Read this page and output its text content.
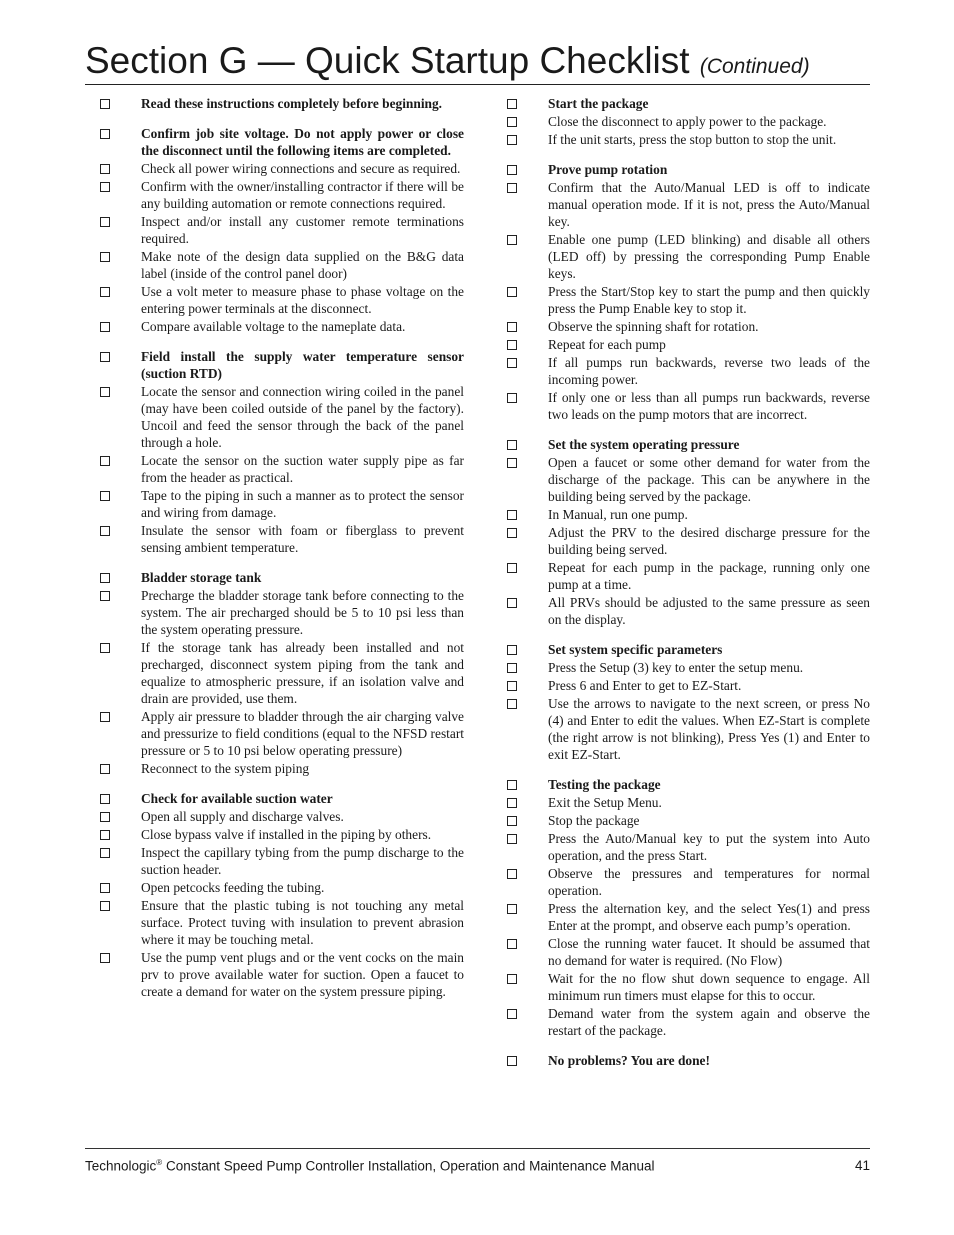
Section G — Quick Startup Checklist (Continued)
Read these instructions completely before beginning.
Confirm job site voltage. Do not apply power or close the disconnect until the following items are completed.
Check all power wiring connections and secure as required.
Confirm with the owner/installing contractor if there will be any building automation or remote connections required.
Inspect and/or install any customer remote terminations required.
Make note of the design data supplied on the B&G data label (inside of the control panel door)
Use a volt meter to measure phase to phase voltage on the entering power terminals at the disconnect.
Compare available voltage to the nameplate data.
Field install the supply water temperature sensor (suction RTD)
Locate the sensor and connection wiring coiled in the panel (may have been coiled outside of the panel by the factory). Uncoil and feed the sensor through the back of the panel through a hole.
Locate the sensor on the suction water supply pipe as far from the header as practical.
Tape to the piping in such a manner as to protect the sensor and wiring from damage.
Insulate the sensor with foam or fiberglass to prevent sensing ambient temperature.
Bladder storage tank
Precharge the bladder storage tank before connecting to the system. The air precharged should be 5 to 10 psi less than the system operating pressure.
If the storage tank has already been installed and not precharged, disconnect system piping from the tank and equalize to atmospheric pressure, if an isolation valve and drain are provided, use them.
Apply air pressure to bladder through the air charging valve and pressurize to field conditions (equal to the NFSD restart pressure or 5 to 10 psi below operating pressure)
Reconnect to the system piping
Check for available suction water
Open all supply and discharge valves.
Close bypass valve if installed in the piping by others.
Inspect the capillary tybing from the pump discharge to the suction header.
Open petcocks feeding the tubing.
Ensure that the plastic tubing is not touching any metal surface. Protect tuving with insulation to prevent abrasion where it may be touching metal.
Use the pump vent plugs and or the vent cocks on the main prv to prove available water for suction. Open a faucet to create a demand for water on the system pressure piping.
Start the package
Close the disconnect to apply power to the package.
If the unit starts, press the stop button to stop the unit.
Prove pump rotation
Confirm that the Auto/Manual LED is off to indicate manual operation mode. If it is not, press the Auto/Manual key.
Enable one pump (LED blinking) and disable all others (LED off) by pressing the corresponding Pump Enable keys.
Press the Start/Stop key to start the pump and then quickly press the Pump Enable key to stop it.
Observe the spinning shaft for rotation.
Repeat for each pump
If all pumps run backwards, reverse two leads of the incoming power.
If only one or less than all pumps run backwards, reverse two leads on the pump motors that are incorrect.
Set the system operating pressure
Open a faucet or some other demand for water from the discharge of the package. This can be anywhere in the building being served by the package.
In Manual, run one pump.
Adjust the PRV to the desired discharge pressure for the building being served.
Repeat for each pump in the package, running only one pump at a time.
All PRVs should be adjusted to the same pressure as seen on the display.
Set system specific parameters
Press the Setup (3) key to enter the setup menu.
Press 6 and Enter to get to EZ-Start.
Use the arrows to navigate to the next screen, or press No (4) and Enter to edit the values. When EZ-Start is complete (the right arrow is not blinking), Press Yes (1) and Enter to exit EZ-Start.
Testing the package
Exit the Setup Menu.
Stop the package
Press the Auto/Manual key to put the system into Auto operation, and the press Start.
Observe the pressures and temperatures for normal operation.
Press the alternation key, and the select Yes(1) and press Enter at the prompt, and observe each pump’s operation.
Close the running water faucet. It should be assumed that no demand for water is required. (No Flow)
Wait for the no flow shut down sequence to engage. All minimum run timers must elapse for this to occur.
Demand water from the system again and observe the restart of the package.
No problems? You are done!
Technologic® Constant Speed Pump Controller Installation, Operation and Maintenance Manual	41
